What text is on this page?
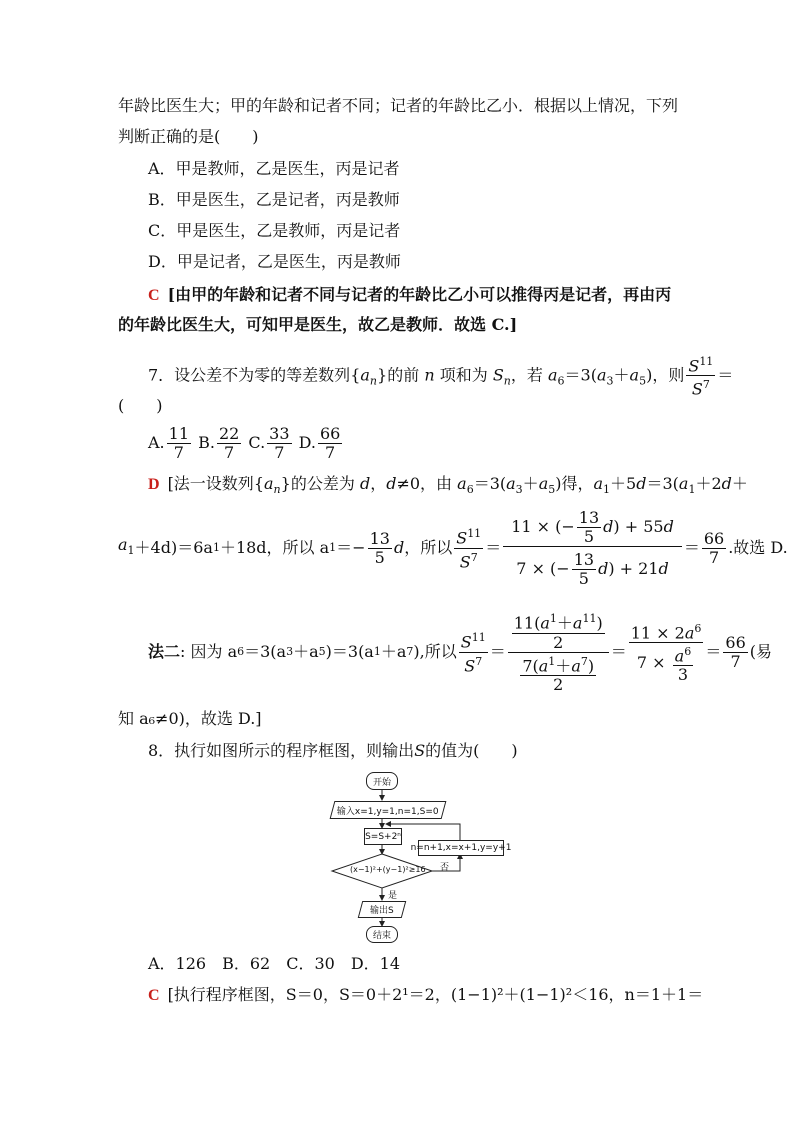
年龄比医生大；甲的年龄和记者不同；记者的年龄比乙小．根据以上情况，下列
判断正确的是(　　)
A．甲是教师，乙是医生，丙是记者
B．甲是医生，乙是记者，丙是教师
C．甲是医生，乙是教师，丙是记者
D．甲是记者，乙是医生，丙是教师
C [由甲的年龄和记者不同与记者的年龄比乙小可以推得丙是记者，再由丙
的年龄比医生大，可知甲是医生，故乙是教师．故选 C.]
7．设公差不为零的等差数列$\{a_n\}$的前 n 项和为 $S_n$，若 $a_6=3(a_3+a_5)$，则 $\frac{S^{11}}{S^7}$ ＝
(　　)
A. $\frac{11}{7} B$. $\frac{22}{7} C$. $\frac{33}{7} D$. $\frac{66}{7}$
D [法一设数列$\{a_n\}$的公差为 d，d≠0，由 $a_6=3(a_3+a_5)$得，$a_1+5d=3(a_1+2d+$
$a_1 +4d)=6a$ 1 ＋18d，所以 a $1 =- \frac{13}{5}$ d ，所以 $\frac{S^{11}}{S^7} = \frac{11 \times (- \frac{13}{5} d) + 55d}{7 \times (- \frac{13}{5} d) + 21d} = \frac{66}{7}$ .故选 D.
法二 : 因为 a 6 ＝3(a 3 ＋a 5 )＝3(a 1 ＋a 7 ),所以 $\frac{S^{11}}{S^7} = \frac{\frac{11(a^1+a^{11})}{2}}{\frac{7(a^1+a^7)}{2}} = \frac{11 \times 2a^6}{7 \times \frac{a^6}{3}} = \frac{66}{7}$ (易
知 a₆≠0)，故选 D.]
8．执行如图所示的程序框图，则输出S的值为(　　)
开始
输入x=1,y=1,n=1,S=0
S=S+2ⁿ
n=n+1,x=x+1,y=y+1
(x−1)²+(y−1)²≥16 否
是
输出S
结束
A．126　B．62　C．30　D．14
C [执行程序框图，S＝0，S＝0＋2¹＝2，(1−1)²＋(1−1)²＜16，n＝1＋1＝
